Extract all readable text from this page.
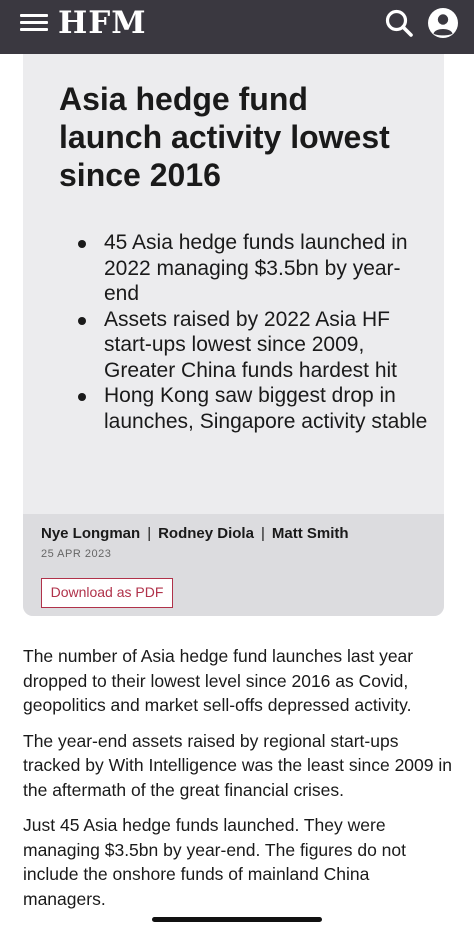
HFM
Asia hedge fund launch activity lowest since 2016
45 Asia hedge funds launched in 2022 managing $3.5bn by year-end
Assets raised by 2022 Asia HF start-ups lowest since 2009, Greater China funds hardest hit
Hong Kong saw biggest drop in launches, Singapore activity stable
Nye Longman | Rodney Diola | Matt Smith
25 APR 2023
Download as PDF

The number of Asia hedge fund launches last year dropped to their lowest level since 2016 as Covid, geopolitics and market sell-offs depressed activity.

The year-end assets raised by regional start-ups tracked by With Intelligence was the least since 2009 in the aftermath of the great financial crises.

Just 45 Asia hedge funds launched. They were managing $3.5bn by year-end. The figures do not include the onshore funds of mainland China managers.
